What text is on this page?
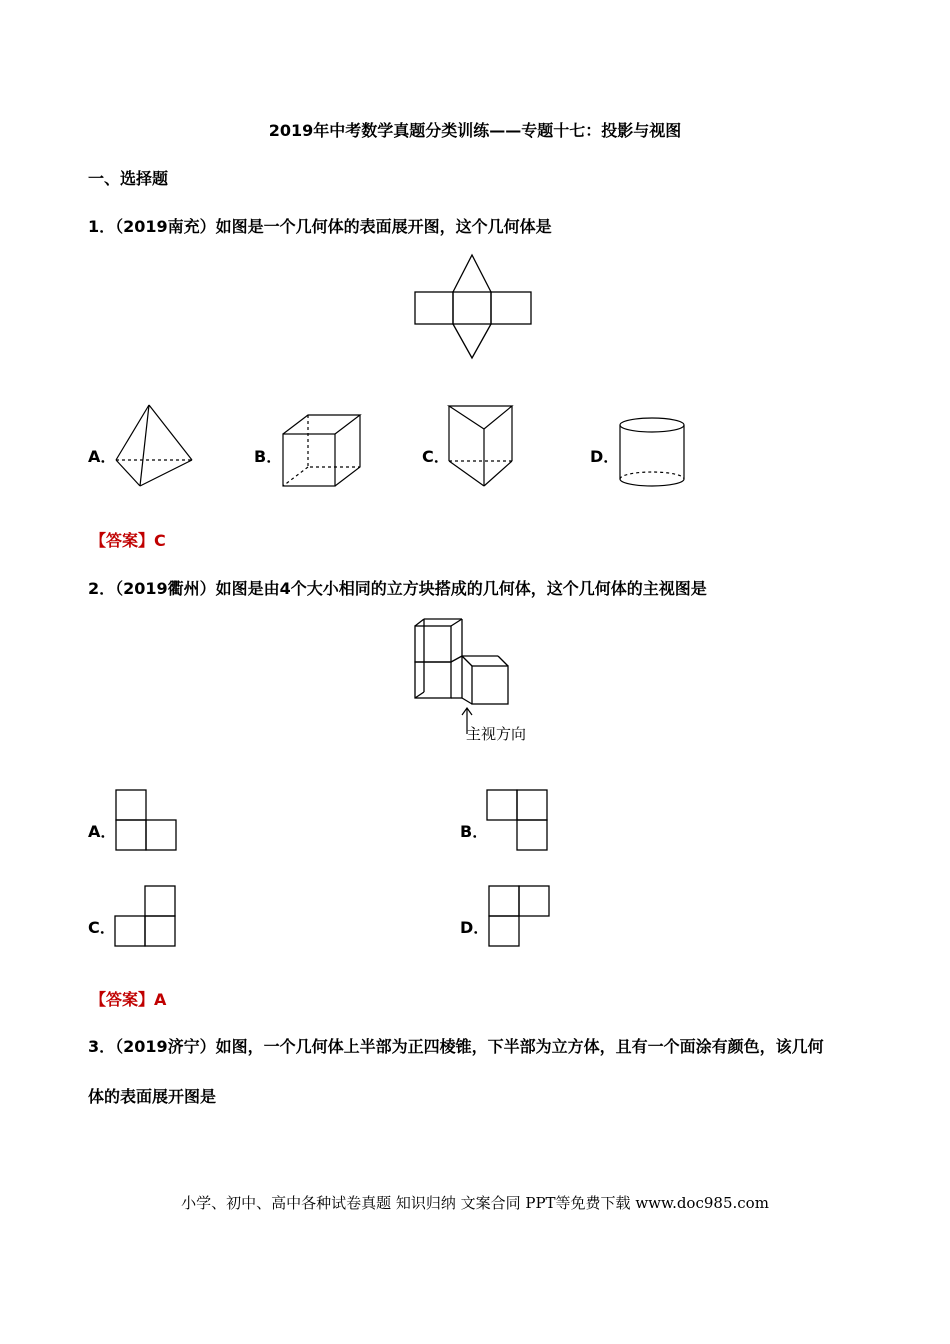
2019年中考数学真题分类训练——专题十七：投影与视图
一、选择题
1．（2019南充）如图是一个几何体的表面展开图，这个几何体是
A．	B．	C．	D．
【答案】C
2．（2019衢州）如图是由4个大小相同的立方块搭成的几何体，这个几何体的主视图是
主视方向
A．	B．
C．	D．
【答案】A
3．（2019济宁）如图，一个几何体上半部为正四棱锥，下半部为立方体，且有一个面涂有颜色，该几何
体的表面展开图是
小学、初中、高中各种试卷真题 知识归纳 文案合同 PPT等免费下载 www.doc985.com
